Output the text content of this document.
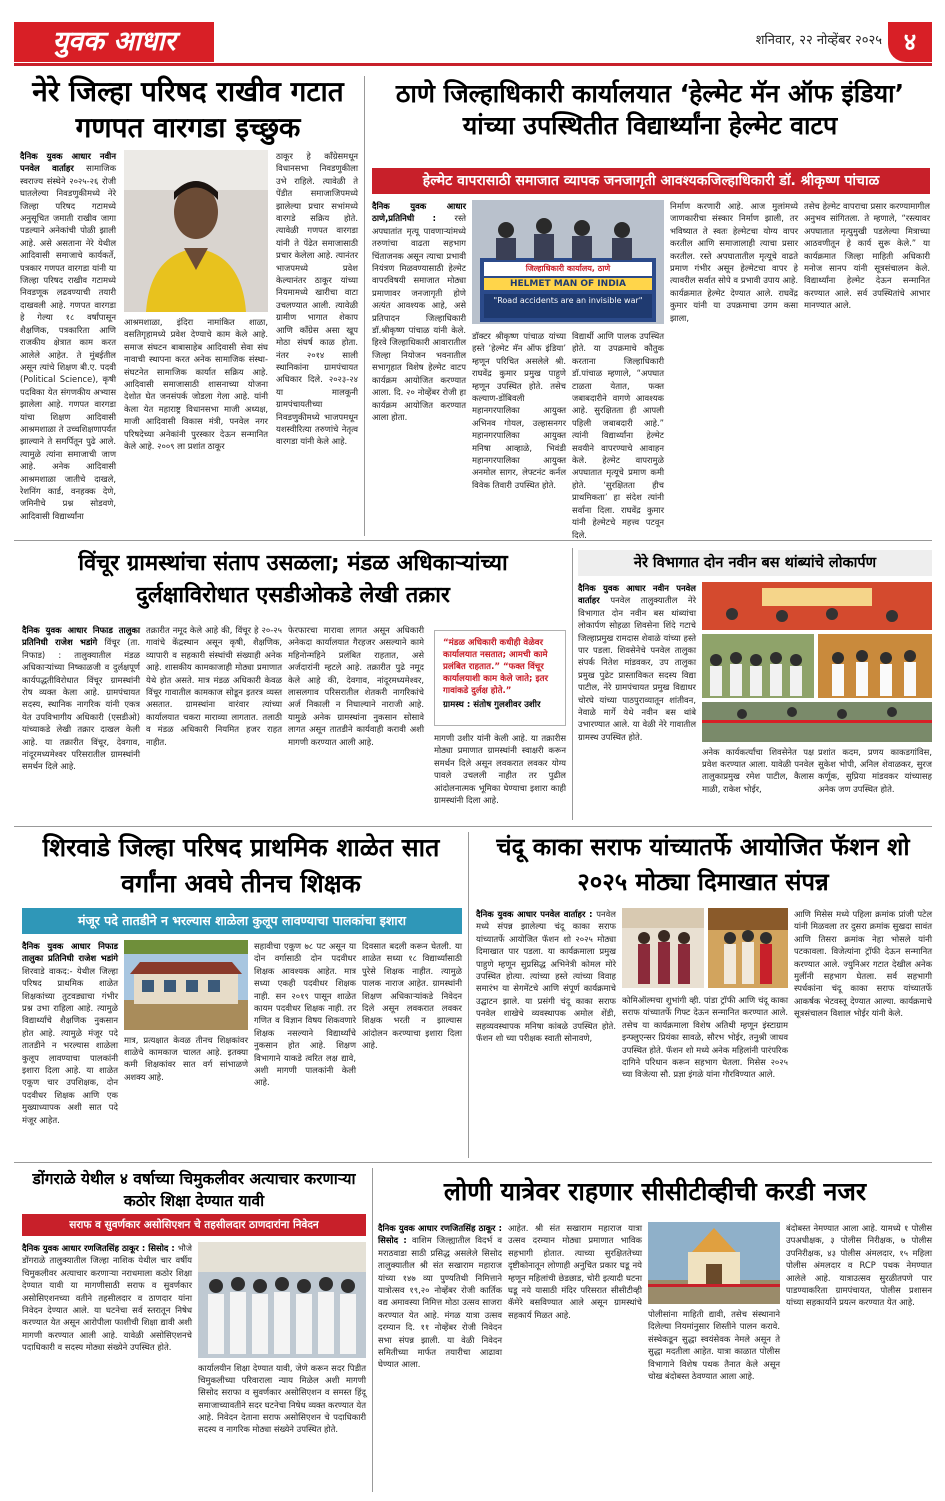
युवक आधार	शनिवार, २२ नोव्हेंबर २०२५ ४
नेरे जिल्हा परिषद राखीव गटात गणपत वारगडा इच्छुक
दैनिक युवक आधार नवीन पनवेल वार्ताहर सामाजिक स्वराज्य संस्थेने २०२५-२६ रोजी घातलेल्या निवडणुकीमध्ये नेरे जिल्हा परिषद गटामध्ये अनुसूचित जमाती राखीव जागा पडल्याने अनेकांची पोळी झाली आहे. असे असताना नेरे येथील आदिवासी समाजाचे कार्यकर्ते, पत्रकार गणपत वारगडा यांनी या जिल्हा परिषद राखीव गटामध्ये निवडणूक लढवण्याची तयारी दाखवली आहे. गणपत वारगडा हे गेल्या १८ वर्षांपासून शैक्षणिक, पत्रकारिता आणि राजकीय क्षेत्रात काम करत आलेले आहेत. ते मुंबईतील असून त्यांचे शिक्षण बी.ए. पदवी (Political Science), कृषी पदविका येत संगणकीय अभ्यास झालेला आहे. गणपत वारगडा यांचा शिक्षण आदिवासी आश्रमशाळा ते उच्चशिक्षणापर्यंत झाल्याने ते समर्पितून पुढे आले. त्यामुळे त्यांना समाजाची जाण आहे. अनेक आदिवासी आश्रमशाळा जातीचे दाखले, रेशनिंग कार्ड, वनहक्क देणे, जमिनीचे प्रश्न सोडवणे, आदिवासी विद्यार्थ्यांना
आश्रमशाळा, इंदिरा नामांकित शाळा, वसतिगृहामध्ये प्रवेश देण्याचे काम केले आहे. समाज संघटन बाबासाहेब आदिवासी सेवा संघ नावाची स्थापना करत अनेक सामाजिक संस्था- संघटनेत सामाजिक कार्यात सक्रिय आहे. आदिवासी समाजासाठी शासनाच्या योजना देशोत घेत जनसंपर्क जोडला गेला आहे. यांनी केला येत महाराष्ट्र विधानसभा माजी अध्यक्ष, माजी आदिवासी विकास मंत्री, पनवेल नगर परिषदेच्या अनेकांनी पुरस्कार देऊन सन्मानित केले आहे. २००९ ला प्रशांत ठाकूर
ठाकूर हे काँग्रेसमधून विधानसभा निवडणुकीला उभे राहिले. त्यावेळी ते पेंडीत समाजाजिपमध्ये झालेल्या प्रचार सभांमध्ये वारगडे सक्रिय होते. त्यावेळी गणपत वारगडा यांनी ते पेंढेत समाजासाठी प्रचार केलेला आहे. त्यानंतर भाजपमध्ये प्रवेश केल्यानंतर ठाकूर यांच्या नियमामध्ये खारीचा वाटा उचलण्यात आली. त्यावेळी ग्रामीण भागात शेकाप आणि काँग्रेस असा खूप मोठा संघर्ष काळ होता. नंतर २०१४ साली स्थानिकांना ग्रामपंचायत अधिकार दिले. २०२३-२४ या मालकूनी ग्रामपंचायतीच्या निवडणुकीमध्ये भाजपमधून यशस्वीरित्या तरुणांचे नेतृत्व वारगडा यांनी केले आहे.
ठाणे जिल्हाधिकारी कार्यालयात ‘हेल्मेट मॅन ऑफ इंडिया’ यांच्या उपस्थितीत विद्यार्थ्यांना हेल्मेट वाटप
हेल्मेट वापरासाठी समाजात व्यापक जनजागृती आवश्यकजिल्हाधिकारी डॉ. श्रीकृष्ण पांचाळ
दैनिक युवक आधार ठाणे,प्रतिनिधी : रस्ते अपघातांत मृत्यू पावणाऱ्यांमध्ये तरुणांचा वाढता सहभाग चिंताजनक असून त्याचा प्रभावी नियंत्रण मिळवण्यासाठी हेल्मेट वापरविषयी समाजात मोठ्या प्रमाणावर जनजागृती होणे अत्यंत आवश्यक आहे, असे प्रतिपादन जिल्हाधिकारी डॉ.श्रीकृष्ण पांचाळ यांनी केले. हिरवे जिल्हाधिकारी आवारातील जिल्हा नियोजन भवनातील सभागृहात विशेष हेल्मेट वाटप कार्यक्रम आयोजित करण्यात आला. दि. २० नोव्हेंबर रोजी हा कार्यक्रम आयोजित करण्यात आला होता.
जिल्हाधिकारी कार्यालय, ठाणे
HELMET MAN OF INDIA
"Road accidents are an invisible war"
डॉक्टर श्रीकृष्ण पांचाळ यांच्या हस्ते ‘हेल्मेट मॅन ऑफ इंडिया’ म्हणून परिचित असलेले श्री. राघवेंद्र कुमार प्रमुख पाहुणे म्हणून उपस्थित होते. तसेच कल्याण-डोंबिवली महानगरपालिका आयुक्त अभिनव गोयल, उल्हासनगर महानगरपालिका आयुक्त मनिषा आव्हाळे, भिवंडी महानगरपालिका आयुक्त अनमोल सागर, लेफ्टनंट कर्नल विवेक तिवारी उपस्थित होते.
विद्यार्थी आणि पालक उपस्थित होते. या उपक्रमाचे कौतुक करताना जिल्हाधिकारी डॉ.पांचाळ म्हणाले, “अपघात टाळता येतात, फक्त जबाबदारीने वागणे आवश्यक आहे. सुरक्षितता ही आपली पहिली जबाबदारी आहे.” त्यांनी विद्यार्थ्यांना हेल्मेट सवयीने वापरण्याचे आवाहन केले. हेल्मेट वापरामुळे अपघातात मृत्यूचे प्रमाण कमी होते. ‘सुरक्षितता हीच प्राथमिकता’ हा संदेश त्यांनी सर्वांना दिला. राघवेंद्र कुमार यांनी हेल्मेटचे महत्त्व पटवून दिले.
निर्माण करणारी आहे. आज मुलांमध्ये जाणकारीचा संस्कार निर्माण झाली, तर भविष्यात ते स्वतः हेल्मेटचा योग्य वापर करतील आणि समाजालाही त्याचा प्रसार करतील. रस्ते अपघातातील मृत्यूचे वाढते प्रमाण गंभीर असून हेल्मेटचा वापर हे त्यावरील सर्वात सोपे व प्रभावी उपाय आहे. कार्यक्रमात हेल्मेट देण्यात आले. राघवेंद्र कुमार यांनी या उपक्रमाचा उगम कसा झाला,
तसेच हेल्मेट वापराचा प्रसार करण्यामागील अनुभव सांगितला. ते म्हणाले, “रस्त्यावर अपघातात मृत्युमुखी पडलेल्या मित्राच्या आठवणीतून हे कार्य सुरू केले.” या कार्यक्रमात जिल्हा माहिती अधिकारी मनोज सानप यांनी सूत्रसंचालन केले. विद्यार्थ्यांना हेल्मेट देऊन सन्मानित करण्यात आले. सर्व उपस्थितांचे आभार मानण्यात आले.
विंचूर ग्रामस्थांचा संताप उसळला; मंडळ अधिकाऱ्यांच्या दुर्लक्षाविरोधात एसडीओकडे लेखी तक्रार
दैनिक युवक आधार निफाड तालुका प्रतिनिधी राजेश भडांगे विंचूर (ता. निफाड) : तालुक्यातील मंडळ अधिकाऱ्यांच्या निष्काळजी व दुर्लक्षपूर्ण कार्यपद्धतीविरोधात विंचूर ग्रामस्थांनी रोष व्यक्त केला आहे. ग्रामपंचायत सदस्य, स्थानिक नागरिक यांनी एकत्र येत उपविभागीय अधिकारी (एसडीओ) यांच्याकडे लेखी तक्रार दाखल केली आहे. या तक्रारीत विंचूर, देवगाव, नांदूरमध्यमेश्वर परिसरातील ग्रामस्थांनी समर्थन दिले आहे.
तक्रारीत नमूद केले आहे की, विंचूर हे २०-२५ गावांचे केंद्रस्थान असून कृषी, शैक्षणिक, व्यापारी व सहकारी संस्थांची संख्याही अनेक आहे. शासकीय कामकाजाही मोठ्या प्रमाणात येथे होत असते. मात्र मंडळ अधिकारी केवळ विंचूर गावातील कामकाज सोडून इतरत्र व्यस्त असतात. ग्रामस्थांना वारंवार त्यांच्या कार्यालयात चकरा माराव्या लागतात. तलाठी व मंडळ अधिकारी नियमित हजर राहत नाहीत.
फेरफारचा मारावा लागत असून अधिकारी अनेकदा कार्यालयात गैरहजर असल्याने कामे महिनोन्महिने प्रलंबित राहतात, असे अर्जदारांनी म्हटले आहे. तक्रारीत पुढे नमूद केले आहे की, देवगाव, नांदूरमध्यमेश्वर, लासलगाव परिसरातील शेतकरी नागरिकांचे अर्ज निकाली न निघाल्याने नाराजी आहे. यामुळे अनेक ग्रामस्थांना नुकसान सोसावे लागत असून तातडीने कार्यवाही करावी अशी मागणी करण्यात आली आहे.
“मंडळ अधिकारी कधीही वेळेवर कार्यालयात नसतात; आमची कामे प्रलंबित राहतात.” “फक्त विंचूर कार्यालयाशी काम केले जाते; इतर गावांकडे दुर्लक्ष होते.”
ग्रामस्थ : संतोष गुलशीवर उशीर
मागणी उशीर यांनी केली आहे. या तक्रारीस मोठ्या प्रमाणात ग्रामस्थांनी स्वाक्षरी करून समर्थन दिले असून लवकरात लवकर योग्य पावले उचलली नाहीत तर पुढील आंदोलनात्मक भूमिका घेण्याचा इशारा काही ग्रामस्थांनी दिला आहे.
नेरे विभागात दोन नवीन बस थांब्यांचे लोकार्पण
दैनिक युवक आधार नवीन पनवेल वार्ताहर पनवेल तालुक्यातील नेरे विभागात दोन नवीन बस थांब्यांचा लोकार्पण सोहळा शिवसेना शिंदे गटाचे जिल्हाप्रमुख रामदास शेवाळे यांच्या हस्ते पार पडला. शिवसेनेचे पनवेल तालुका संपर्क नितेश मांडवकर, उप तालुका प्रमुख पुढेट प्रास्ताविकत सदस्य विद्या पाटील, नेरे ग्रामपंचायत प्रमुख विद्याधर चोरघे यांच्या पाठपुराव्यातून शांतीवन, नेवाळे मार्गे येथे नवीन बस थांबे उभारण्यात आले. या वेळी नेरे गावातील ग्रामस्थ उपस्थित होते.
अनेक कार्यकर्त्यांचा शिवसेनेत पक्ष प्रवेश करण्यात आला. यावेळी पनवेल तालुकाप्रमुख रमेश पाटील, कैलास माळी, राकेश भोईर,
प्रशांत कदम, प्रणय काकडगांविस, सुकेश भोपी, अनिल शेवाळकर, सुरज कर्णूक, सुप्रिया मांडवकर यांच्यासह अनेक जण उपस्थित होते.
शिरवाडे जिल्हा परिषद प्राथमिक शाळेत सात वर्गांना अवघे तीनच शिक्षक
मंजूर पदे तातडीने न भरल्यास शाळेला कुलूप लावण्याचा पालकांचा इशारा
दैनिक युवक आधार निफाड तालुका प्रतिनिधी राजेश भडांगे शिरवाडे वाकद:- येथील जिल्हा परिषद प्राथमिक शाळेत शिक्षकांच्या तुटवड्याचा गंभीर प्रश्न उभा राहिला आहे. त्यामुळे विद्यार्थ्यांचे शैक्षणिक नुकसान होत आहे. त्यामुळे मंजूर पदे तातडीने न भरल्यास शाळेला कुलूप लावण्याचा पालकांनी इशारा दिला आहे. या शाळेत एकूण चार उपशिक्षक, दोन पदवीधर शिक्षक आणि एक मुख्याध्यापक अशी सात पदे मंजूर आहेत.
मात्र, प्रत्यक्षात केवळ तीनच शिक्षकांवर शाळेचे कामकाज चालत आहे. इतक्या कमी शिक्षकांवर सात वर्ग सांभाळणे अशक्य आहे.
सहावीचा एकूण ७८ पट असून या दोन वर्गासाठी दोन पदवीधर शिक्षक आवश्यक आहेत. मात्र सध्या एकही पदवीधर शिक्षक नाही. सन २०१९ पासून शाळेत कायम पदवीधर शिक्षक नाही. तर गणित व विज्ञान विषय शिकवणारे शिक्षक नसल्याने विद्यार्थ्यांचे नुकसान होत आहे. शिक्षण विभागाने याकडे त्वरित लक्ष द्यावे, अशी मागणी पालकांनी केली आहे.
दिवसात बदली करून घेतली. या शाळेत सध्या १८ विद्यार्थ्यांसाठी पुरेसे शिक्षक नाहीत. त्यामुळे पालक नाराज आहेत. ग्रामस्थांनी शिक्षण अधिकाऱ्यांकडे निवेदन दिले असून लवकरात लवकर शिक्षक भरती न झाल्यास आंदोलन करण्याचा इशारा दिला आहे.
चंदू काका सराफ यांच्यातर्फे आयोजित फॅशन शो २०२५ मोठ्या दिमाखात संपन्न
दैनिक युवक आधार पनवेल वार्ताहर : पनवेल मध्ये संपन्न झालेल्या चंदू काका सराफ यांच्यातर्फे आयोजित फॅशन शो २०२५ मोठ्या दिमाखात पार पडला. या कार्यक्रमाला प्रमुख पाहुणे म्हणून सुप्रसिद्ध अभिनेत्री कोमल मोरे उपस्थित होत्या. त्यांच्या हस्ते त्यांच्या विवाह समारंभ या सेगमेंटचे आणि संपूर्ण कार्यक्रमाचे उद्घाटन झाले. या प्रसंगी चंदू काका सराफ पनवेल शाखेचे व्यवस्थापक अमोल शेंडी, सहव्यवस्थापक मनिषा कांबळे उपस्थित होते. फॅशन शो च्या परीक्षक स्वाती सोनावणे,
कोमिऑल्मचा शुभांगी व्ही. पांडा ट्रॉफी आणि चंदू काका सराफ यांच्यातर्फे गिफ्ट देऊन सन्मानित करण्यात आले. तसेच या कार्यक्रमाला विशेष अतिथी म्हणून इंस्टाग्राम इन्फ्लुएन्सर प्रियंका सावळे, सौरभ भोईर, तनुश्री जाधव उपस्थित होते. फॅशन शो मध्ये अनेक महिलांनी पारंपरिक दागिने परिधान करून सहभाग घेतला. मिसेस २०२५ च्या विजेत्या सौ. प्रज्ञा इंगळे यांना गौरविण्यात आले.
आणि मिसेस मध्ये पहिला क्रमांक प्रांजी पटेल यांनी मिळवला तर दुसरा क्रमांक सुखदा सावंत आणि तिसरा क्रमांक नेहा भोसले यांनी पटकावला. विजेत्यांना ट्रॉफी देऊन सन्मानित करण्यात आले. ज्युनिअर गटात देखील अनेक मुलींनी सहभाग घेतला. सर्व सहभागी स्पर्धकांना चंदू काका सराफ यांच्यातर्फे आकर्षक भेटवस्तू देण्यात आल्या. कार्यक्रमाचे सूत्रसंचालन विशाल भोईर यांनी केले.
डोंगराळे येथील ४ वर्षाच्या चिमुकलीवर अत्याचार करणाऱ्या कठोर शिक्षा देण्यात यावी
सराफ व सुवर्णकार असोसिएशन चे तहसीलदार ठाणदारांना निवेदन
दैनिक युवक आधार रणजितसिंह ठाकूर : सिसोद : भौजे डोंगराळे तालुक्यातील जिल्हा नाशिक येथील चार वर्षीय चिमुकलीवर अत्याचार करणाऱ्या नराधमाला कठोर शिक्षा देण्यात यावी या मागणीसाठी सराफ व सुवर्णकार असोसिएशनच्या वतीने तहसीलदार व ठाणदार यांना निवेदन देण्यात आले. या घटनेचा सर्व स्तरातून निषेध करण्यात येत असून आरोपीला फाशीची शिक्षा द्यावी अशी मागणी करण्यात आली आहे. यावेळी असोसिएशनचे पदाधिकारी व सदस्य मोठ्या संख्येने उपस्थित होते.
कार्यालयीन शिक्षा देण्यात यावी, जेणे करून सदर पिडीत चिमुकलीच्या परिवाराला न्याय मिळेल अशी मागणी सिसोद सराफा व सुवर्णकार असोसिएशन व समस्त हिंदू समाजाच्यावतीने सदर घटनेचा निषेध व्यक्त करण्यात येत आहे. निवेदन देताना सराफ असोसिएशन चे पदाधिकारी सदस्य व नागरिक मोठ्या संख्येने उपस्थित होते.
लोणी यात्रेवर राहणार सीसीटीव्हीची करडी नजर
दैनिक युवक आधार रणजितसिंह ठाकूर : सिसोद : वाशिम जिल्ह्यातील विदर्भ व मराठवाडा साठी प्रसिद्ध असलेले सिसोद तालुक्यातील श्री संत सखाराम महाराज यांच्या १४७ व्या पुण्यतिथी निमित्ताने यात्रोत्सव १९,२० नोव्हेंबर रोजी कार्तिक वद्य अमावस्या निमित्त मोठा उत्सव साजरा करण्यात येत आहे. मंगळ यात्रा उत्सव दरम्यान दि. ११ नोव्हेंबर रोजी निवेदन सभा संपन्न झाली. या वेळी निवेदन समितीच्या मार्फत तयारीचा आढावा घेण्यात आला.
आहेत. श्री संत सखाराम महाराज यात्रा उत्सव दरम्यान मोठ्या प्रमाणात भाविक सहभागी होतात. त्याच्या सुरक्षिततेच्या दृष्टीकोनातून लोणाही अनुचित प्रकार घडू नये म्हणून महिलांची छेडछाड, चोरी इत्यादी घटना घडू नये यासाठी मंदिर परिसरात सीसीटीव्ही कॅमेरे बसविण्यात आले असून ग्रामस्थांचे सहकार्य मिळत आहे.	पोलीसांना माहिती द्यावी, तसेच संस्थानाने दिलेल्या नियमांनुसार शिस्तीने पालन करावे. संस्थेकडून सुद्धा स्वयंसेवक नेमले असून ते सुद्धा मदतीला आहेत. यात्रा काळात पोलीस विभागाने विशेष पथक तैनात केले असून चोख बंदोबस्त ठेवण्यात आला आहे.
बंदोबस्त नेमण्यात आला आहे. यामध्ये १ पोलीस उपअधीक्षक, ३ पोलीस निरीक्षक, ७ पोलीस उपनिरीक्षक, ४३ पोलीस अंमलदार, १५ महिला पोलीस अंमलदार व RCP पथक नेमण्यात आलेले आहे. यात्राउत्सव सुरळीतपणे पार पाडण्याकरिता ग्रामपंचायत, पोलीस प्रशासन यांच्या सहकार्याने प्रयत्न करण्यात येत आहे.
